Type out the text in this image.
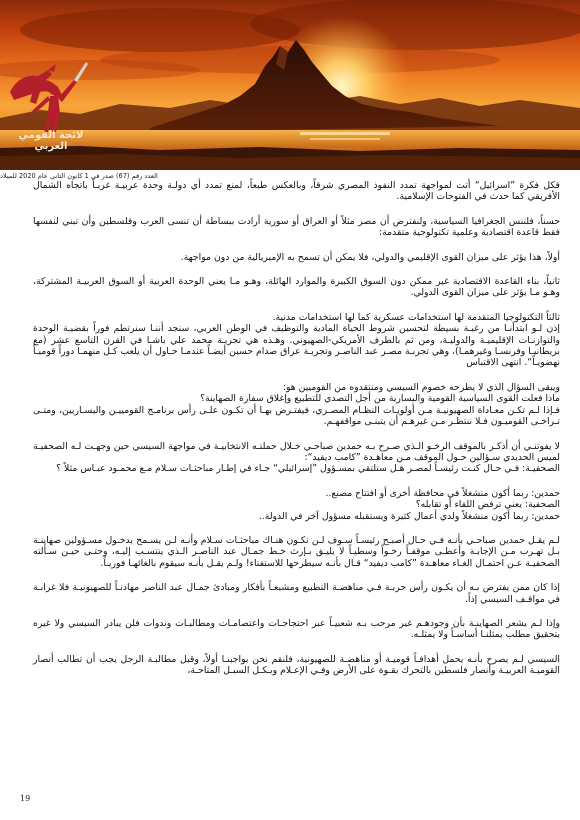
لائحة القومي العربي
العدد رقم (67) صدر في 1 كانون الثاني عام 2020 للميلاد

فكل فكرة ”اسرائيل“ أتت لمواجهة تمدد النفوذ المصري شرقاً، وبالعكس طبعاً، لمنع تمدد أي دولـة وحدة عربيـة غربـاً باتجاه الشمال الأفريقي كما حدث في الفتوحات الإسلامية.

حسناً، فلننس الجغرافيا السياسية، ولنفترض أن مصر مثلاً أو العراق أو سورية أرادت ببساطة أن تنسى العرب وفلسطين وأن تبني لنفسها فقط قاعدة اقتصادية وعلمية تكنولوجية متقدمة:

أولاً، هذا يؤثر على ميزان القوى الإقليمي والدولي، فلا يمكن أن تسمح به الإمبريالية من دون مواجهة.

ثانياً، بناء القاعدة الاقتصادية غير ممكن دون السوق الكبيرة والموارد الهائلة، وهـو مـا يعني الوحدة العربية أو السوق العربيـة المشتركة، وهـو مـا يؤثر على ميزان القوى الدولي.

ثالثاً التكنولوجيا المتقدمة لها استخدامات عسكرية كما لها استخدامات مدنية.

إذن لـو ابتدأنـا من رغبـة بسيطة لتحسين شروط الحياة المادية والتوظيف في الوطن العربي، سنجد أننـا سنرتطم فوراً بقضيـة الوحدة والتوازنـات الإقليميـة والدوليـة، ومن ثم بالطرف الأمريكي-الصهيوني. وهـذه هي تجربـة محمد علي باشـا في القرن التاسع عشر (مع بريطانيـا وفرنسـا وغيرهمـا)، وهي تجربـة مصـر عبد الناصـر وتجربـة عراق صدام حسين أيضـاً عندمـا حـاول أن يلعب كـل منهمـا دوراً قوميـاً نهضويـاً“. انتهى الاقتباس

ويبقى السؤال الذي لا يطرحه خصوم السيسي ومنتقدوه من القوميين هو:

ماذا فعلت القوى السياسية القومية واليسارية من أجل التصدي للتطبيع وإغلاق سفارة الصهاينة؟

فـإذا لـم تكـن معـاداة الصهيونيـة مـن أولويـات النظـام المصـري، فيفتـرض بهـا أن تكـون علـى رأس برنامـج القومييـن واليسـاريين، ومتـى تـراخـى القوميـون فـلا ننتظـر مـن غيرهـم أن يتبنـى مواقفهـم.

لا يفوتنـي أن أذكـر بالموقف الرخـو الـذي صـرح بـه حمدين صباحـي خـلال حملتـه الانتخابيـة في مواجهة السيسي حين وجهـت لـه الصحفيـة لميس الحديدي سـؤالين حـول الموقف مـن معاهـدة ”كامب ديفيد“:

الصحفيـة: فـي حـال كنـت رئيسـاً لمصـر هـل ستلتقي بمسـؤول ”إسرائيلي“ جـاء في إطـار مباحثـات سـلام مـع محمـود عبـاس مثلاً ؟

حمدين: ربما أكون منشغلاً في محافظة أخرى أو افتتاح مصنع..

الصحفية: يعني ترفض اللقاء أو تقابله؟

حمدين: ربما أكون منشغلاً ولدي أعمال كثيرة ويستقبله مسؤول آخر في الدولة..

لـم يقـل حمدين صباحـي بأنـه فـي حـال أصبـح رئيسـاً سـوف لـن تكـون هنـاك مباحثـات سـلام وأنـه لـن يسـمح بدخـول مسـؤولين صهاينـة بـل تهـرب مـن الإجابـة وأعطـى موقفـاً رخـواً وسطيـاً لا يليـق بـإرث خـط جمـال عبد الناصـر الـذي ينتسـب إليـه، وحتـى حيـن سـألته الصحفيـة عـن احتمـال الغـاء معاهـدة ”كامب ديفيد“ قـال بأنـه سيطرحها للاستفتاء! ولـم يقـل بأنـه سيقوم بالغائهـا فوريـاً.

إذا كان ممن يفترض بـه أن يكـون رأس حربـة فـي مناهضـة التطبيع ومشبعـاً بأفكار ومبادئ جمـال عبد الناصر مهادنـاً للصهيونيـة فلا غرابـة في مواقـف السيسي إذاً.

وإذا لـم يشعر الصهاينـة بأن وجودهـم غير مرحب بـه شعبيـاً عبر احتجاجـات واعتصامـات ومطالبـات وندوات فلن يبادر السيسي ولا غيره بتحقيق مطلب يمثلنـا أساسـاً ولا يمثلـه.

السيسي لـم يصرح بأنـه يحمل أهدافـاً قوميـة أو مناهضـة للصهيونية، فلنقم نحن بواجبنـا أولاً، وقبل مطالبـة الرجل يجب أن تطالب أنصار القوميـة العربيـة وأنصار فلسطين بالتحرك بقـوة على الأرض وفـي الإعـلام وبـكـل السبـل المتاحـة،

19
